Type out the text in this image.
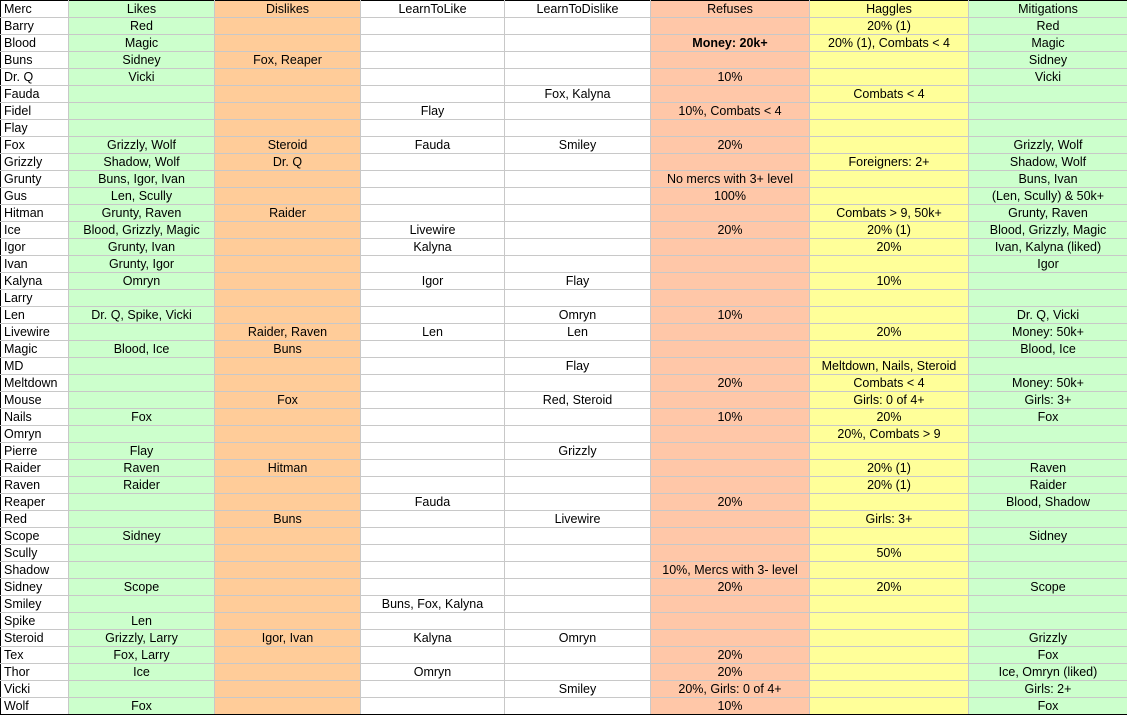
Merc	Likes	Dislikes	LearnToLike	LearnToDislike	Refuses	Haggles	Mitigations
Barry	Red					20% (1)	Red
Blood	Magic				Money: 20k+	20% (1), Combats < 4	Magic
Buns	Sidney	Fox, Reaper					Sidney
Dr. Q	Vicki				10%		Vicki
Fauda				Fox, Kalyna		Combats < 4	
Fidel			Flay		10%, Combats < 4		
Flay							
Fox	Grizzly, Wolf	Steroid	Fauda	Smiley	20%		Grizzly, Wolf
Grizzly	Shadow, Wolf	Dr. Q				Foreigners: 2+	Shadow, Wolf
Grunty	Buns, Igor, Ivan				No mercs with 3+ level		Buns, Ivan
Gus	Len, Scully				100%		(Len, Scully) & 50k+
Hitman	Grunty, Raven	Raider				Combats > 9, 50k+	Grunty, Raven
Ice	Blood, Grizzly, Magic		Livewire		20%	20% (1)	Blood, Grizzly, Magic
Igor	Grunty, Ivan		Kalyna			20%	Ivan, Kalyna (liked)
Ivan	Grunty, Igor						Igor
Kalyna	Omryn		Igor	Flay		10%	
Larry							
Len	Dr. Q, Spike, Vicki			Omryn	10%		Dr. Q, Vicki
Livewire		Raider, Raven	Len	Len		20%	Money: 50k+
Magic	Blood, Ice	Buns					Blood, Ice
MD				Flay		Meltdown, Nails, Steroid	
Meltdown					20%	Combats < 4	Money: 50k+
Mouse		Fox		Red, Steroid		Girls: 0 of 4+	Girls: 3+
Nails	Fox				10%	20%	Fox
Omryn						20%, Combats > 9	
Pierre	Flay			Grizzly			
Raider	Raven	Hitman				20% (1)	Raven
Raven	Raider					20% (1)	Raider
Reaper			Fauda		20%		Blood, Shadow
Red		Buns		Livewire		Girls: 3+	
Scope	Sidney						Sidney
Scully						50%	
Shadow					10%, Mercs with 3- level		
Sidney	Scope				20%	20%	Scope
Smiley			Buns, Fox, Kalyna				
Spike	Len						
Steroid	Grizzly, Larry	Igor, Ivan	Kalyna	Omryn			Grizzly
Tex	Fox, Larry				20%		Fox
Thor	Ice		Omryn		20%		Ice, Omryn (liked)
Vicki				Smiley	20%, Girls: 0 of 4+		Girls: 2+
Wolf	Fox				10%		Fox
